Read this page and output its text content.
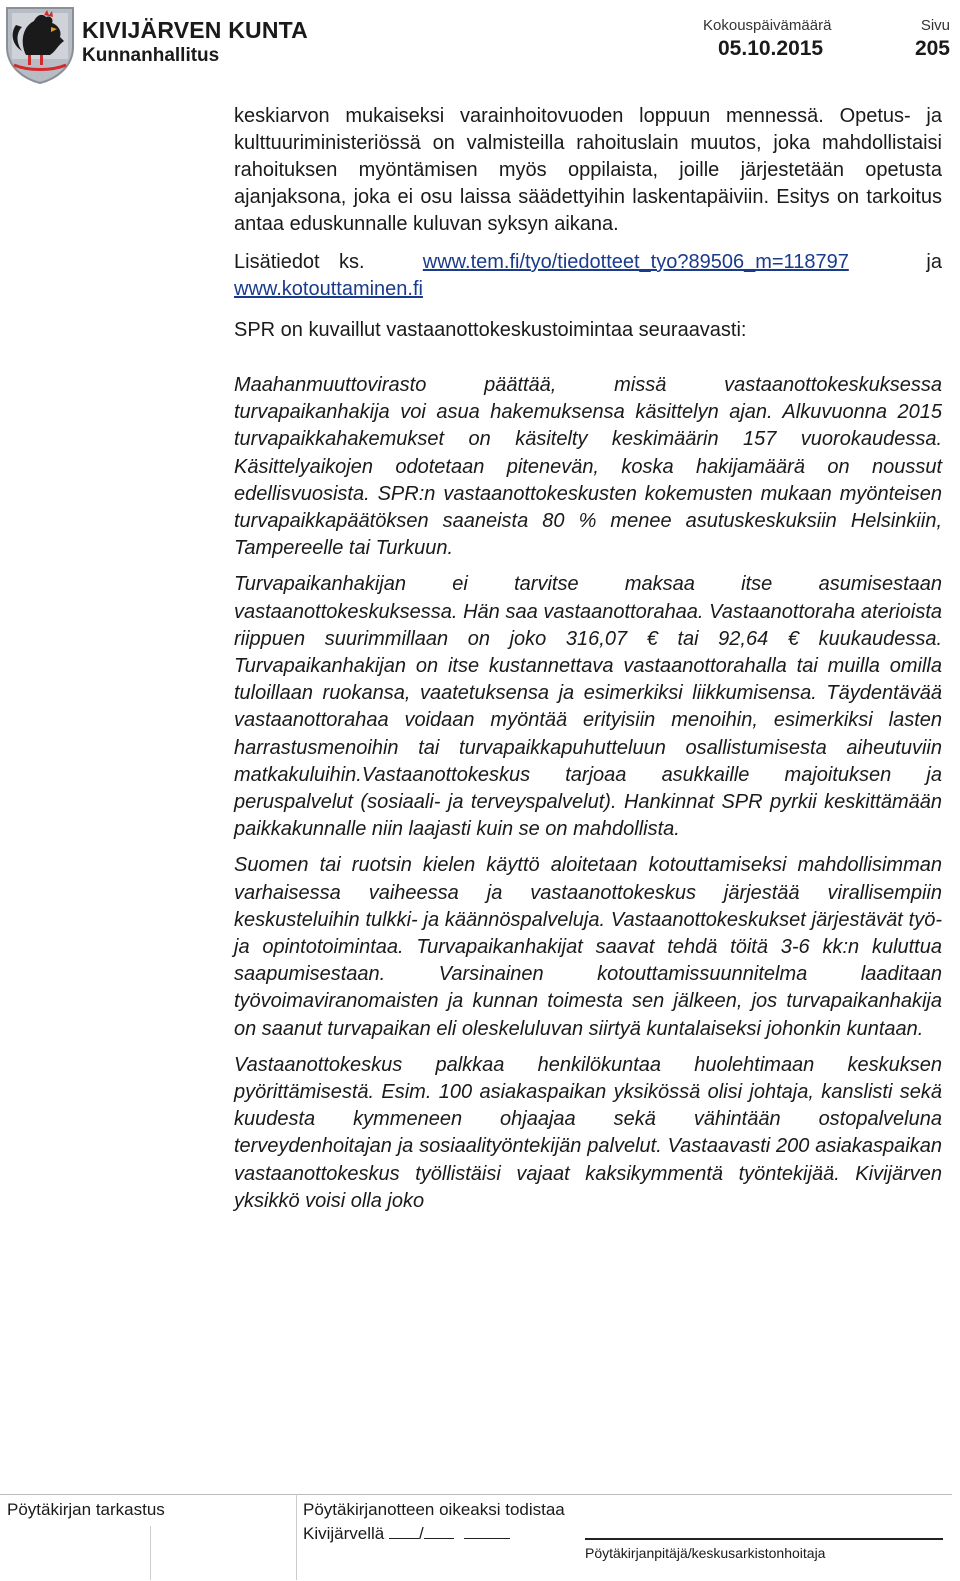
KIVIJÄRVEN KUNTA
Kunnanhallitus
Kokouspäivämäärä
05.10.2015
Sivu
205

keskiarvon mukaiseksi varainhoitovuoden loppuun mennessä. Opetus- ja kulttuuriministeriössä on valmisteilla rahoituslain muutos, joka mahdollistaisi rahoituksen myöntämisen myös oppilaista, joille järjestetään opetusta ajanjaksona, joka ei osu laissa säädettyihin laskentapäiviin. Esitys on tarkoitus antaa eduskunnalle kuluvan syksyn aikana.

Lisätiedot ks.	www.tem.fi/tyo/tiedotteet_tyo?89506_m=118797	ja www.kotouttaminen.fi

SPR on kuvaillut vastaanottokeskustoimintaa seuraavasti:

Maahanmuuttovirasto päättää, missä vastaanottokeskuksessa turvapaikanhakija voi asua hakemuksensa käsittelyn ajan. Alkuvuonna 2015 turvapaikkahakemukset on käsitelty keskimäärin 157 vuorokaudessa. Käsittelyaikojen odotetaan pitenevän, koska hakijamäärä on noussut edellisvuosista. SPR:n vastaanottokeskusten kokemusten mukaan myönteisen turvapaikkapäätöksen saaneista 80 % menee asutuskeskuksiin Helsinkiin, Tampereelle tai Turkuun.

Turvapaikanhakijan ei tarvitse maksaa itse asumisestaan vastaanottokeskuksessa. Hän saa vastaanottorahaa. Vastaanottoraha aterioista riippuen suurimmillaan on joko 316,07 € tai 92,64 € kuukaudessa. Turvapaikanhakijan on itse kustannettava vastaanottorahalla tai muilla omilla tuloillaan ruokansa, vaatetuksensa ja esimerkiksi liikkumisensa. Täydentävää vastaanottorahaa voidaan myöntää erityisiin menoihin, esimerkiksi lasten harrastusmenoihin tai turvapaikkapuhutteluun osallistumisesta aiheutuviin matkakuluihin.Vastaanottokeskus tarjoaa asukkaille majoituksen ja peruspalvelut (sosiaali- ja terveyspalvelut). Hankinnat SPR pyrkii keskittämään paikkakunnalle niin laajasti kuin se on mahdollista.

Suomen tai ruotsin kielen käyttö aloitetaan kotouttamiseksi mahdollisimman varhaisessa vaiheessa ja vastaanottokeskus järjestää virallisempiin keskusteluihin tulkki- ja käännöspalveluja. Vastaanottokeskukset järjestävät työ- ja opintotoimintaa. Turvapaikanhakijat saavat tehdä töitä 3-6 kk:n kuluttua saapumisestaan. Varsinainen kotouttamissuunnitelma laaditaan työvoimaviranomaisten ja kunnan toimesta sen jälkeen, jos turvapaikanhakija on saanut turvapaikan eli oleskeluluvan siirtyä kuntalaiseksi johonkin kuntaan.

Vastaanottokeskus palkkaa henkilökuntaa huolehtimaan keskuksen pyörittämisestä. Esim. 100 asiakaspaikan yksikössä olisi johtaja, kanslisti sekä kuudesta kymmeneen ohjaajaa sekä vähintään ostopalveluna terveydenhoitajan ja sosiaalityöntekijän palvelut. Vastaavasti 200 asiakaspaikan vastaanottokeskus työllistäisi vajaat kaksikymmentä työntekijää. Kivijärven yksikkö voisi olla joko

Pöytäkirjan tarkastus	Pöytäkirjanotteen oikeaksi todistaa
Kivijärvellä /
Pöytäkirjanpitäjä/keskusarkistonhoitaja
